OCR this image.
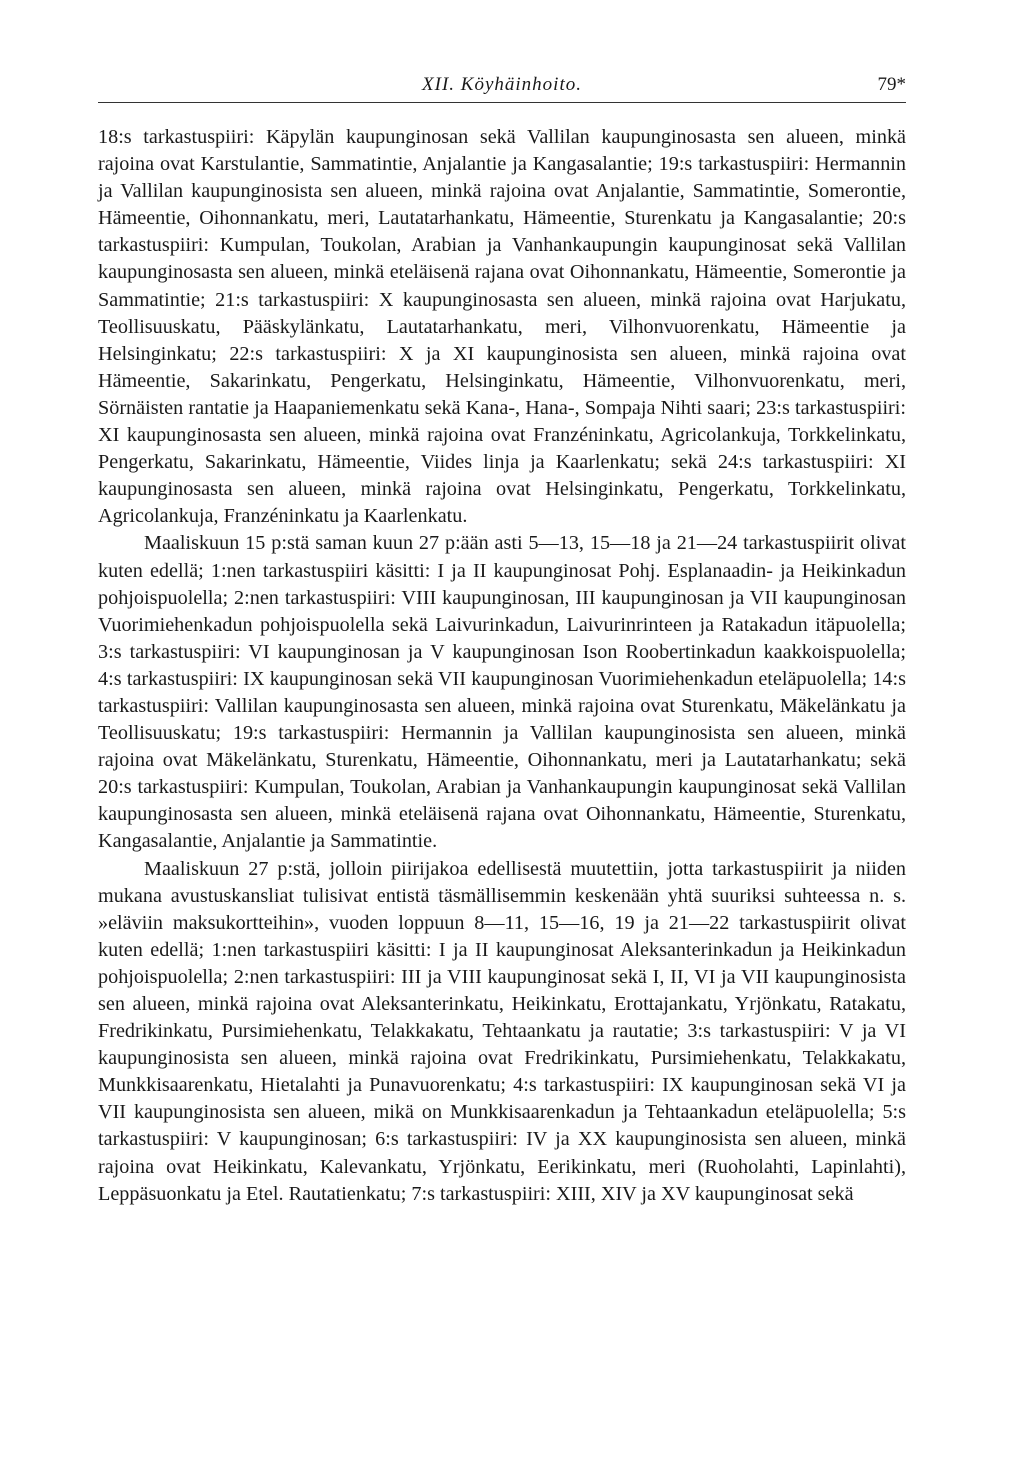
XII. Köyhäinhoito.	79*

18:s tarkastuspiiri: Käpylän kaupunginosan sekä Vallilan kaupunginosasta sen alueen, minkä rajoina ovat Karstulantie, Sammatintie, Anjalantie ja Kangasalantie; 19:s tarkastuspiiri: Hermannin ja Vallilan kaupunginosista sen alueen, minkä rajoina ovat Anjalantie, Sammatintie, Somerontie, Hämeentie, Oihonnankatu, meri, Lautatarhankatu, Hämeentie, Sturenkatu ja Kangasalantie; 20:s tarkastuspiiri: Kumpulan, Toukolan, Arabian ja Vanhankaupungin kaupunginosat sekä Vallilan kaupunginosasta sen alueen, minkä eteläisenä rajana ovat Oihonnankatu, Hämeentie, Somerontie ja Sammatintie; 21:s tarkastuspiiri: X kaupunginosasta sen alueen, minkä rajoina ovat Harjukatu, Teollisuuskatu, Pääskylänkatu, Lautatarhankatu, meri, Vilhonvuorenkatu, Hämeentie ja Helsinginkatu; 22:s tarkastuspiiri: X ja XI kaupunginosista sen alueen, minkä rajoina ovat Hämeentie, Sakarinkatu, Pengerkatu, Helsinginkatu, Hämeentie, Vilhonvuorenkatu, meri, Sörnäisten rantatie ja Haapaniemenkatu sekä Kana-, Hana-, Sompaja Nihti saari; 23:s tarkastuspiiri: XI kaupunginosasta sen alueen, minkä rajoina ovat Franzéninkatu, Agricolankuja, Torkkelinkatu, Pengerkatu, Sakarinkatu, Hämeentie, Viides linja ja Kaarlenkatu; sekä 24:s tarkastuspiiri: XI kaupunginosasta sen alueen, minkä rajoina ovat Helsinginkatu, Pengerkatu, Torkkelinkatu, Agricolankuja, Franzéninkatu ja Kaarlenkatu.

Maaliskuun 15 p:stä saman kuun 27 p:ään asti 5—13, 15—18 ja 21—24 tarkastuspiirit olivat kuten edellä; 1:nen tarkastuspiiri käsitti: I ja II kaupunginosat Pohj. Esplanaadin- ja Heikinkadun pohjoispuolella; 2:nen tarkastuspiiri: VIII kaupunginosan, III kaupunginosan ja VII kaupunginosan Vuorimiehenkadun pohjoispuolella sekä Laivurinkadun, Laivurinrinteen ja Ratakadun itäpuolella; 3:s tarkastuspiiri: VI kaupunginosan ja V kaupunginosan Ison Roobertinkadun kaakkoispuolella; 4:s tarkastuspiiri: IX kaupunginosan sekä VII kaupunginosan Vuorimiehenkadun eteläpuolella; 14:s tarkastuspiiri: Vallilan kaupunginosasta sen alueen, minkä rajoina ovat Sturenkatu, Mäkelänkatu ja Teollisuuskatu; 19:s tarkastuspiiri: Hermannin ja Vallilan kaupunginosista sen alueen, minkä rajoina ovat Mäkelänkatu, Sturenkatu, Hämeentie, Oihonnankatu, meri ja Lautatarhankatu; sekä 20:s tarkastuspiiri: Kumpulan, Toukolan, Arabian ja Vanhankaupungin kaupunginosat sekä Vallilan kaupunginosasta sen alueen, minkä eteläisenä rajana ovat Oihonnankatu, Hämeentie, Sturenkatu, Kangasalantie, Anjalantie ja Sammatintie.

Maaliskuun 27 p:stä, jolloin piirijakoa edellisestä muutettiin, jotta tarkastuspiirit ja niiden mukana avustuskansliat tulisivat entistä täsmällisemmin keskenään yhtä suuriksi suhteessa n. s. »eläviin maksukortteihin», vuoden loppuun 8—11, 15—16, 19 ja 21—22 tarkastuspiirit olivat kuten edellä; 1:nen tarkastuspiiri käsitti: I ja II kaupunginosat Aleksanterinkadun ja Heikinkadun pohjoispuolella; 2:nen tarkastuspiiri: III ja VIII kaupunginosat sekä I, II, VI ja VII kaupunginosista sen alueen, minkä rajoina ovat Aleksanterinkatu, Heikinkatu, Erottajankatu, Yrjönkatu, Ratakatu, Fredrikinkatu, Pursimiehenkatu, Telakkakatu, Tehtaankatu ja rautatie; 3:s tarkastuspiiri: V ja VI kaupunginosista sen alueen, minkä rajoina ovat Fredrikinkatu, Pursimiehenkatu, Telakkakatu, Munkkisaarenkatu, Hietalahti ja Punavuorenkatu; 4:s tarkastuspiiri: IX kaupunginosan sekä VI ja VII kaupunginosista sen alueen, mikä on Munkkisaarenkadun ja Tehtaankadun eteläpuolella; 5:s tarkastuspiiri: V kaupunginosan; 6:s tarkastuspiiri: IV ja XX kaupunginosista sen alueen, minkä rajoina ovat Heikinkatu, Kalevankatu, Yrjönkatu, Eerikinkatu, meri (Ruoholahti, Lapinlahti), Leppäsuonkatu ja Etel. Rautatienkatu; 7:s tarkastuspiiri: XIII, XIV ja XV kaupunginosat sekä
